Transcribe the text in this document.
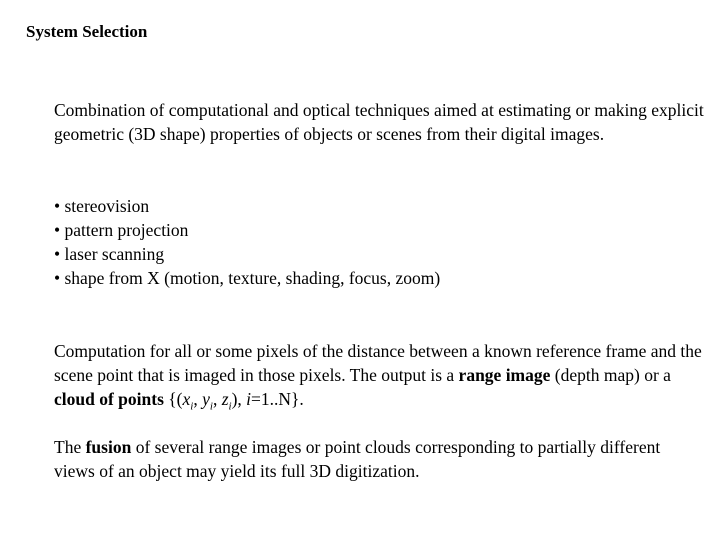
System Selection
Combination of computational and optical techniques aimed at estimating or making explicit geometric (3D shape) properties of objects or scenes from their digital images.
• stereovision
• pattern projection
• laser scanning
• shape from X (motion, texture, shading, focus, zoom)
Computation for all or some pixels of the distance between a known reference frame and the scene point that is imaged in those pixels. The output is a range image (depth map) or a cloud of points {($x_i$, $y_i$, $z_i$), i=1..N}.
The fusion of several range images or point clouds corresponding to partially different views of an object may yield its full 3D digitization.
